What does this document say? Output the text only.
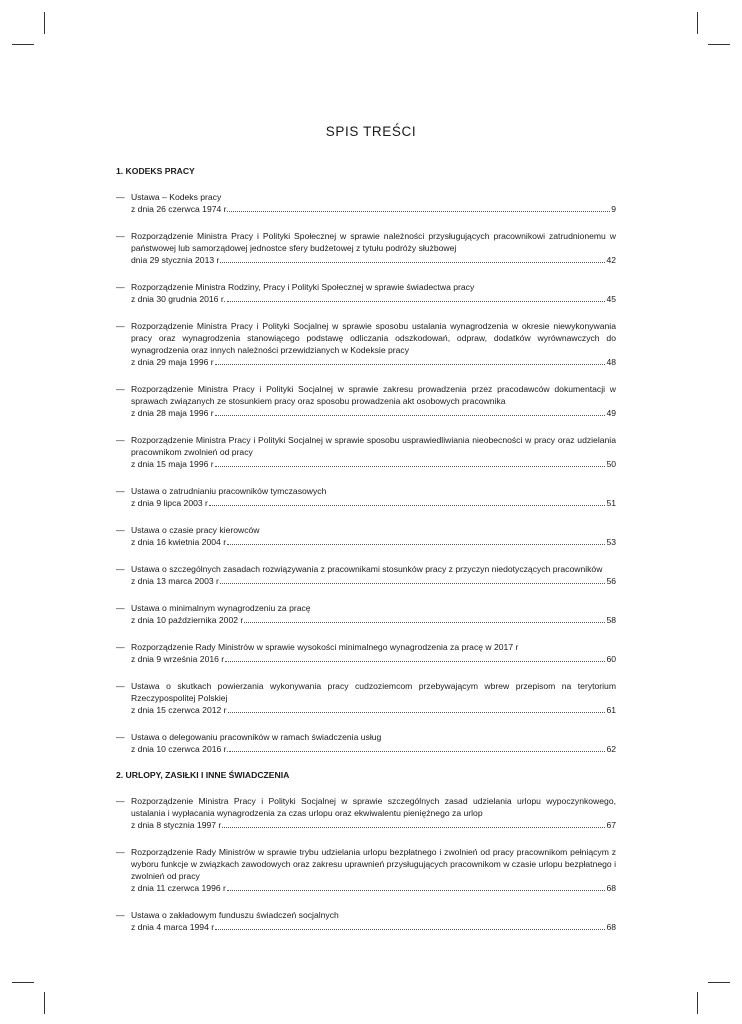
SPIS TREŚCI
1. KODEKS PRACY
— Ustawa – Kodeks pracy
z dnia 26 czerwca 1974 r.	9
— Rozporządzenie Ministra Pracy i Polityki Społecznej w sprawie należności przysługujących pracownikowi zatrudnionemu w państwowej lub samorządowej jednostce sfery budżetowej z tytułu podróży służbowej
dnia 29 stycznia 2013 r	42
— Rozporządzenie Ministra Rodziny, Pracy i Polityki Społecznej w sprawie świadectwa pracy
z dnia 30 grudnia 2016 r.	45
— Rozporządzenie Ministra Pracy i Polityki Socjalnej w sprawie sposobu ustalania wynagrodzenia w okresie niewykonywania pracy oraz wynagrodzenia stanowiącego podstawę odliczania odszkodowań, odpraw, dodatków wyrównawczych do wynagrodzenia oraz innych należności przewidzianych w Kodeksie pracy
z dnia 29 maja 1996 r	48
— Rozporządzenie Ministra Pracy i Polityki Socjalnej w sprawie zakresu prowadzenia przez pracodawców dokumentacji w sprawach związanych ze stosunkiem pracy oraz sposobu prowadzenia akt osobowych pracownika
z dnia 28 maja 1996 r	49
— Rozporządzenie Ministra Pracy i Polityki Socjalnej w sprawie sposobu usprawiedliwiania nieobecności w pracy oraz udzielania pracownikom zwolnień od pracy
z dnia 15 maja 1996 r	50
— Ustawa o zatrudnianiu pracowników tymczasowych
z dnia 9 lipca 2003 r	51
— Ustawa o czasie pracy kierowców
z dnia 16 kwietnia 2004 r	53
— Ustawa o szczególnych zasadach rozwiązywania z pracownikami stosunków pracy z przyczyn niedotyczących pracowników
z dnia 13 marca 2003 r	56
— Ustawa o minimalnym wynagrodzeniu za pracę
z dnia 10 października 2002 r	58
— Rozporządzenie Rady Ministrów w sprawie wysokości minimalnego wynagrodzenia za pracę w 2017 r
z dnia 9 września 2016 r	60
— Ustawa o skutkach powierzania wykonywania pracy cudzoziemcom przebywającym wbrew przepisom na terytorium Rzeczypospolitej Polskiej
z dnia 15 czerwca 2012 r	61
— Ustawa o delegowaniu pracowników w ramach świadczenia usług
z dnia 10 czerwca 2016 r.	62
2. URLOPY, ZASIŁKI I INNE ŚWIADCZENIA
— Rozporządzenie Ministra Pracy i Polityki Socjalnej w sprawie szczególnych zasad udzielania urlopu wypoczynkowego, ustalania i wypłacania wynagrodzenia za czas urlopu oraz ekwiwalentu pieniężnego za urlop
z dnia 8 stycznia 1997 r	67
— Rozporządzenie Rady Ministrów w sprawie trybu udzielania urlopu bezpłatnego i zwolnień od pracy pracownikom pełniącym z wyboru funkcje w związkach zawodowych oraz zakresu uprawnień przysługujących pracownikom w czasie urlopu bezpłatnego i zwolnień od pracy
z dnia 11 czerwca 1996 r	68
— Ustawa o zakładowym funduszu świadczeń socjalnych
z dnia 4 marca 1994 r	68
